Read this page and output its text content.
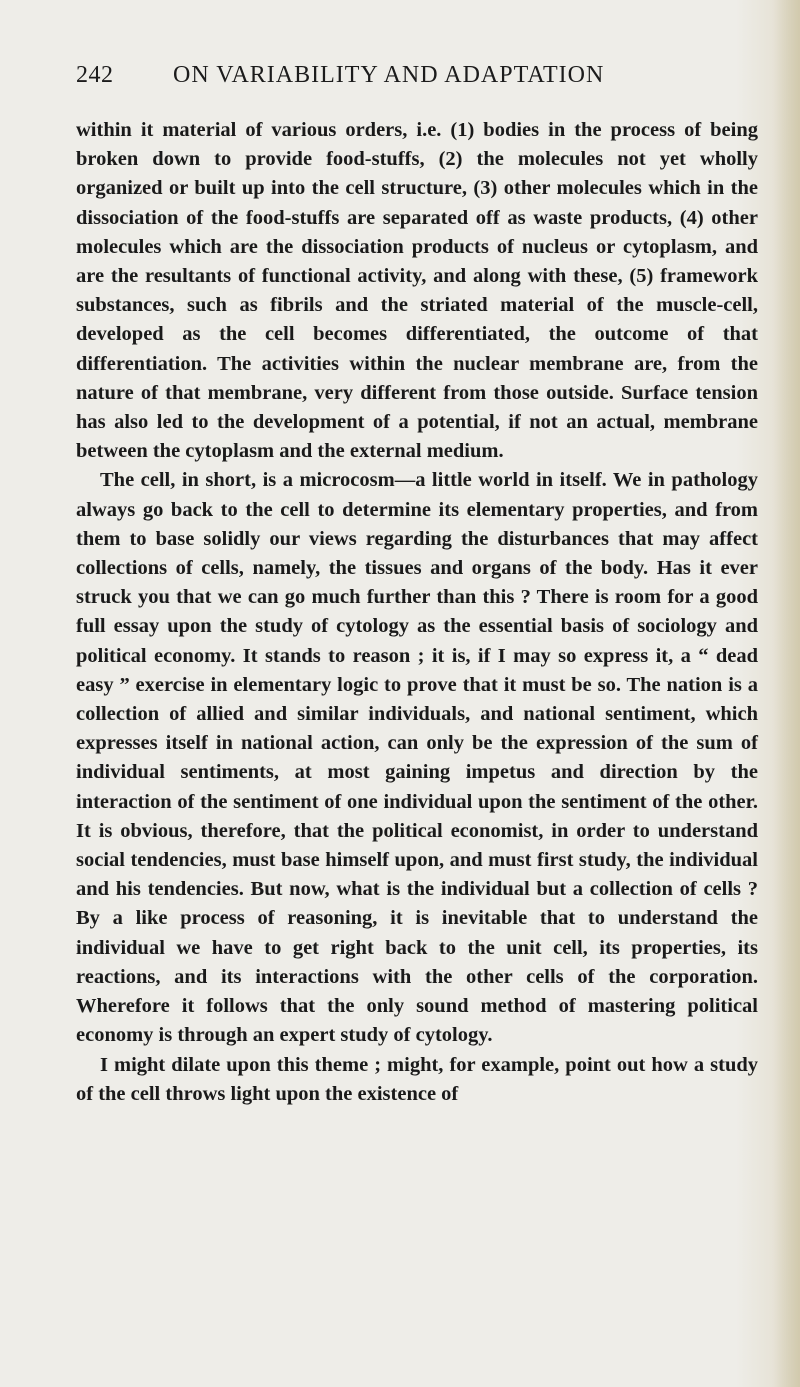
242 ON VARIABILITY AND ADAPTATION

within it material of various orders, i.e. (1) bodies in the process of being broken down to provide food-stuffs, (2) the molecules not yet wholly organized or built up into the cell structure, (3) other molecules which in the dissociation of the food-stuffs are separated off as waste products, (4) other molecules which are the dissociation products of nucleus or cytoplasm, and are the resultants of functional activity, and along with these, (5) framework substances, such as fibrils and the striated material of the muscle-cell, developed as the cell becomes differentiated, the outcome of that differentiation. The activities within the nuclear membrane are, from the nature of that membrane, very different from those outside. Surface tension has also led to the development of a potential, if not an actual, membrane between the cytoplasm and the external medium.

The cell, in short, is a microcosm—a little world in itself. We in pathology always go back to the cell to determine its elementary properties, and from them to base solidly our views regarding the disturbances that may affect collections of cells, namely, the tissues and organs of the body. Has it ever struck you that we can go much further than this ? There is room for a good full essay upon the study of cytology as the essential basis of sociology and political economy. It stands to reason ; it is, if I may so express it, a “ dead easy ” exercise in elementary logic to prove that it must be so. The nation is a collection of allied and similar individuals, and national sentiment, which expresses itself in national action, can only be the expression of the sum of individual sentiments, at most gaining impetus and direction by the interaction of the sentiment of one individual upon the sentiment of the other. It is obvious, therefore, that the political economist, in order to understand social tendencies, must base himself upon, and must first study, the individual and his tendencies. But now, what is the individual but a collection of cells ? By a like process of reasoning, it is inevitable that to understand the individual we have to get right back to the unit cell, its properties, its reactions, and its interactions with the other cells of the corporation. Wherefore it follows that the only sound method of mastering political economy is through an expert study of cytology.

I might dilate upon this theme ; might, for example, point out how a study of the cell throws light upon the existence of
